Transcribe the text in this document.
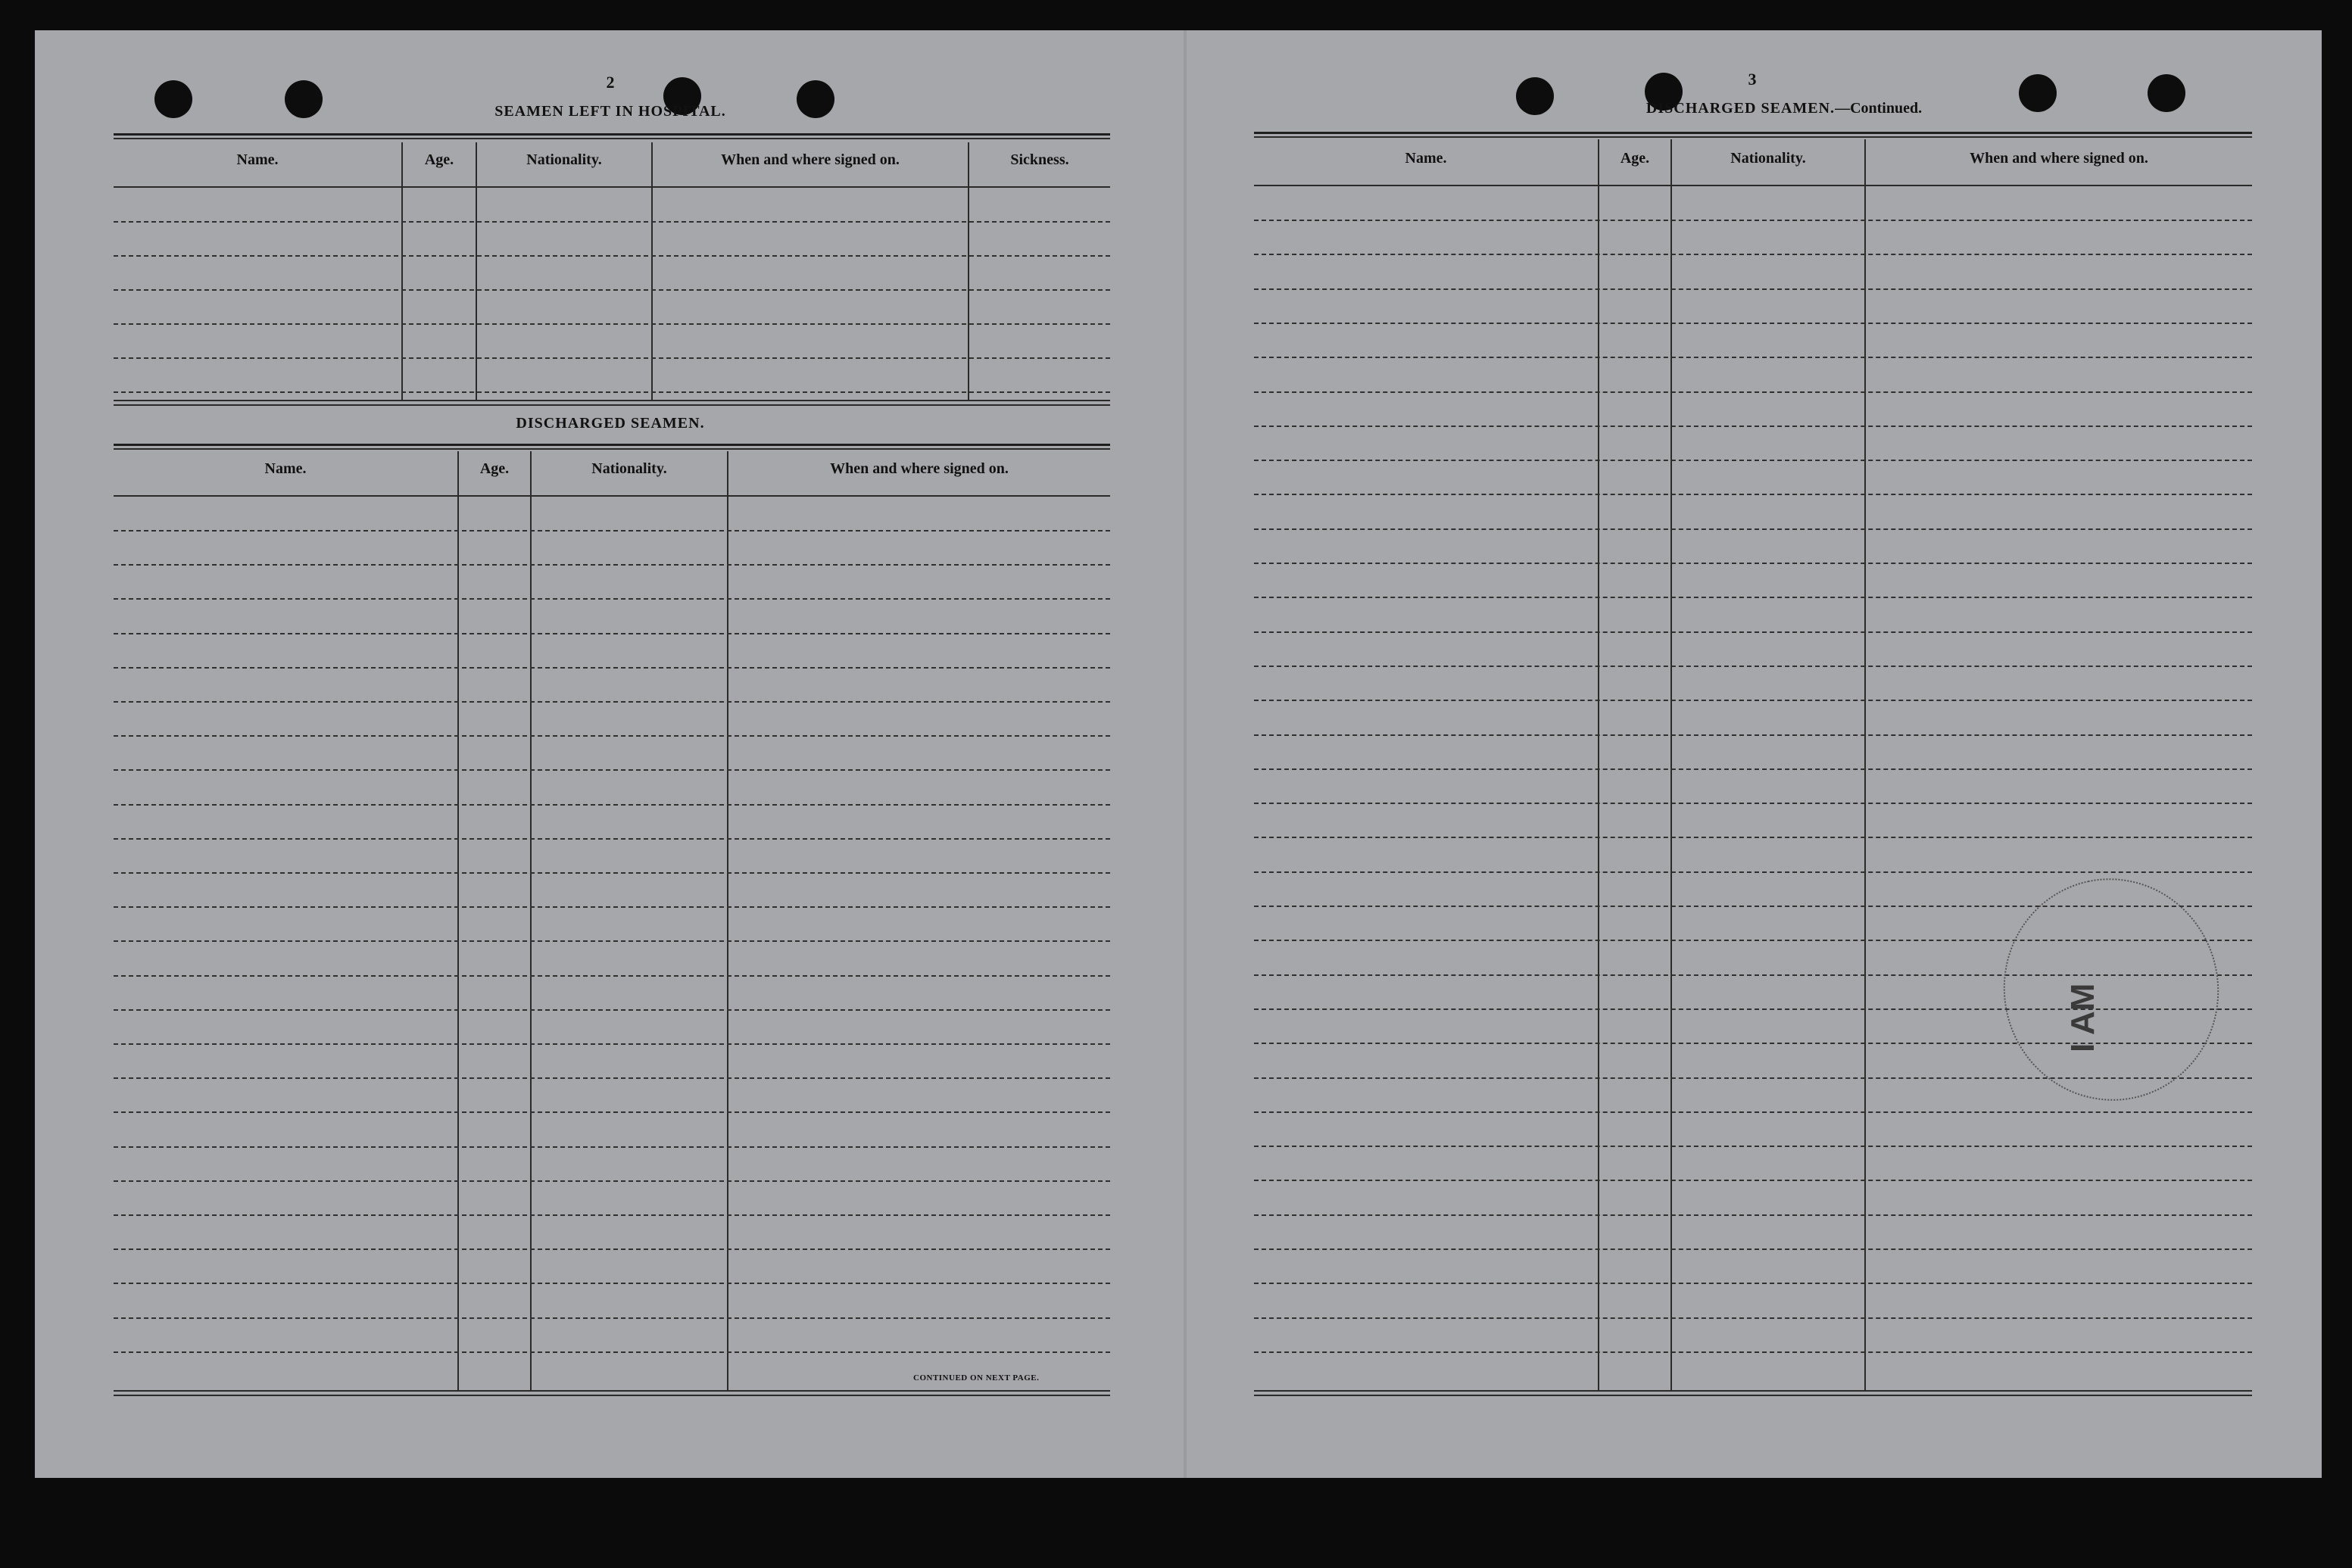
2
SEAMEN LEFT IN HOSPITAL.
Name.	Age.	Nationality.	When and where signed on.	Sickness.
DISCHARGED SEAMEN.
Name.	Age.	Nationality.	When and where signed on.
CONTINUED ON NEXT PAGE.
3
DISCHARGED SEAMEN.—Continued.
Name.	Age.	Nationality.	When and where signed on.
I AM
